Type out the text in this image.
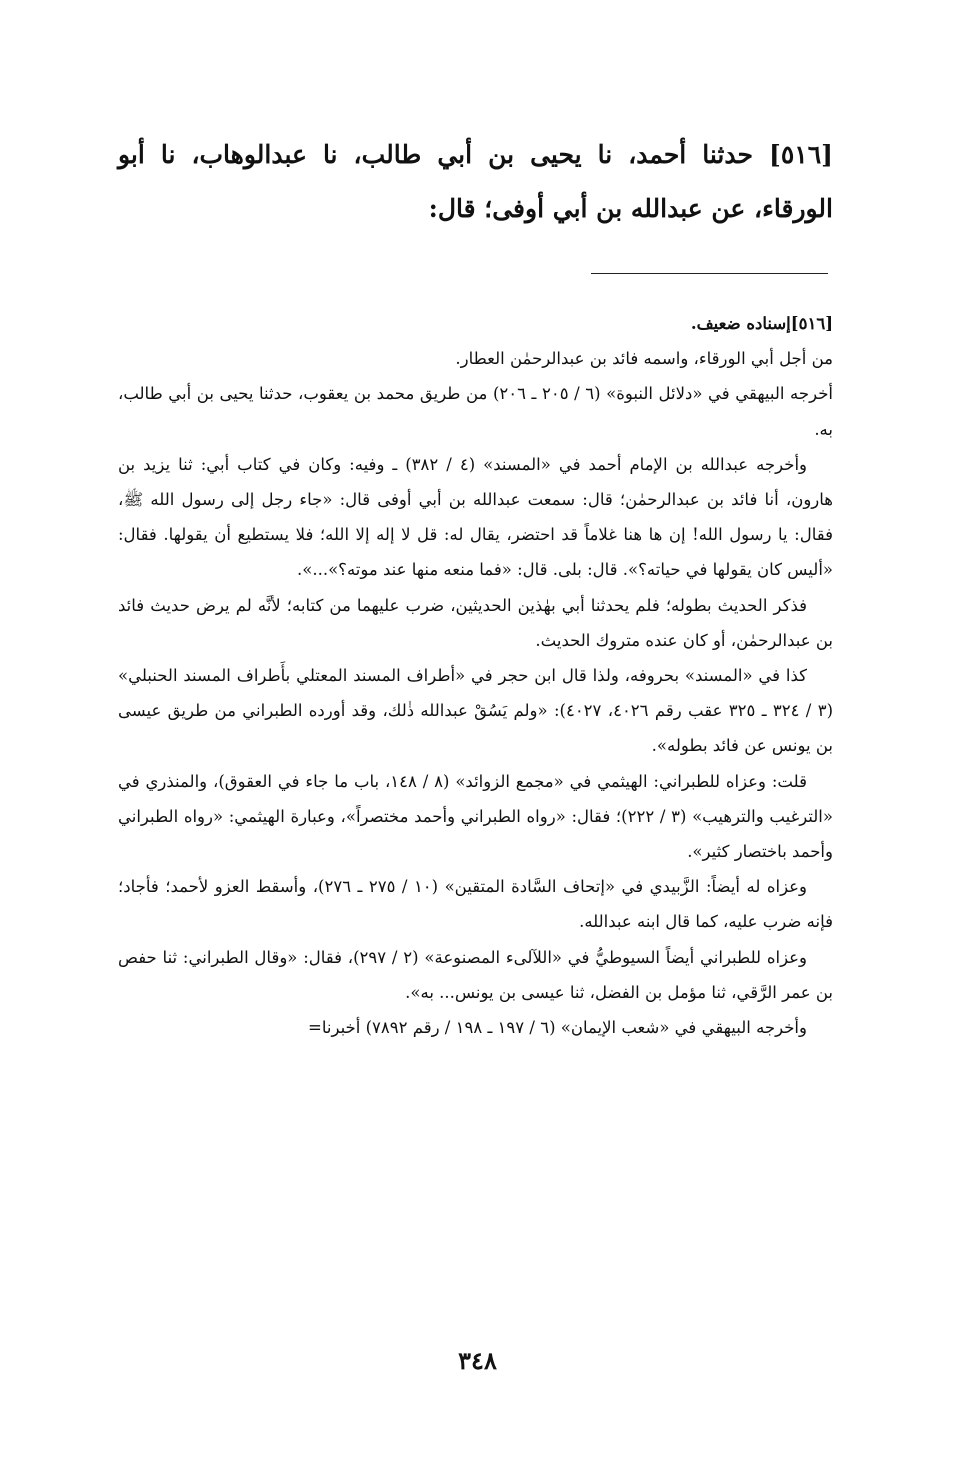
[٥١٦] حدثنا أحمد، نا يحيى بن أبي طالب، نا عبدالوهاب، نا أبو الورقاء، عن عبدالله بن أبي أوفى؛ قال:

[٥١٦]إسناده ضعيف.

من أجل أبي الورقاء، واسمه فائد بن عبدالرحمٰن العطار.

أخرجه البيهقي في «دلائل النبوة» (٦ / ٢٠٥ ـ ٢٠٦) من طريق محمد بن يعقوب، حدثنا يحيى بن أبي طالب، به.

وأخرجه عبدالله بن الإمام أحمد في «المسند» (٤ / ٣٨٢) ـ وفيه: وكان في كتاب أبي: ثنا يزيد بن هارون، أنا فائد بن عبدالرحمٰن؛ قال: سمعت عبدالله بن أبي أوفى قال: «جاء رجل إلى رسول الله ﷺ، فقال: يا رسول الله! إن ها هنا غلاماً قد احتضر، يقال له: قل لا إله إلا الله؛ فلا يستطيع أن يقولها. فقال: «أليس كان يقولها في حياته؟». قال: بلى. قال: «فما منعه منها عند موته؟»...».

فذكر الحديث بطوله؛ فلم يحدثنا أبي بهٰذين الحديثين، ضرب عليهما من كتابه؛ لأنَّه لم يرض حديث فائد بن عبدالرحمٰن، أو كان عنده متروك الحديث.

كذا في «المسند» بحروفه، ولذا قال ابن حجر في «أطراف المسند المعتلي بأَطراف المسند الحنبلي» (٣ / ٣٢٤ ـ ٣٢٥ عقب رقم ٤٠٢٦، ٤٠٢٧): «ولم يَسُقْ عبدالله ذٰلك، وقد أورده الطبراني من طريق عيسى بن يونس عن فائد بطوله».

قلت: وعزاه للطبراني: الهيثمي في «مجمع الزوائد» (٨ / ١٤٨، باب ما جاء في العقوق)، والمنذري في «الترغيب والترهيب» (٣ / ٢٢٢)؛ فقال: «رواه الطبراني وأحمد مختصراً»، وعبارة الهيثمي: «رواه الطبراني وأحمد باختصار كثير».

وعزاه له أيضاً: الزَّبيدي في «إتحاف السَّادة المتقين» (١٠ / ٢٧٥ ـ ٢٧٦)، وأسقط العزو لأحمد؛ فأجاد؛ فإنه ضرب عليه، كما قال ابنه عبدالله.

وعزاه للطبراني أيضاً السيوطيُّ في «اللآلىء المصنوعة» (٢ / ٢٩٧)، فقال: «وقال الطبراني: ثنا حفص بن عمر الرَّقي، ثنا مؤمل بن الفضل، ثنا عيسى بن يونس... به».

وأخرجه البيهقي في «شعب الإيمان» (٦ / ١٩٧ ـ ١٩٨ / رقم ٧٨٩٢) أخبرنا=

٣٤٨
